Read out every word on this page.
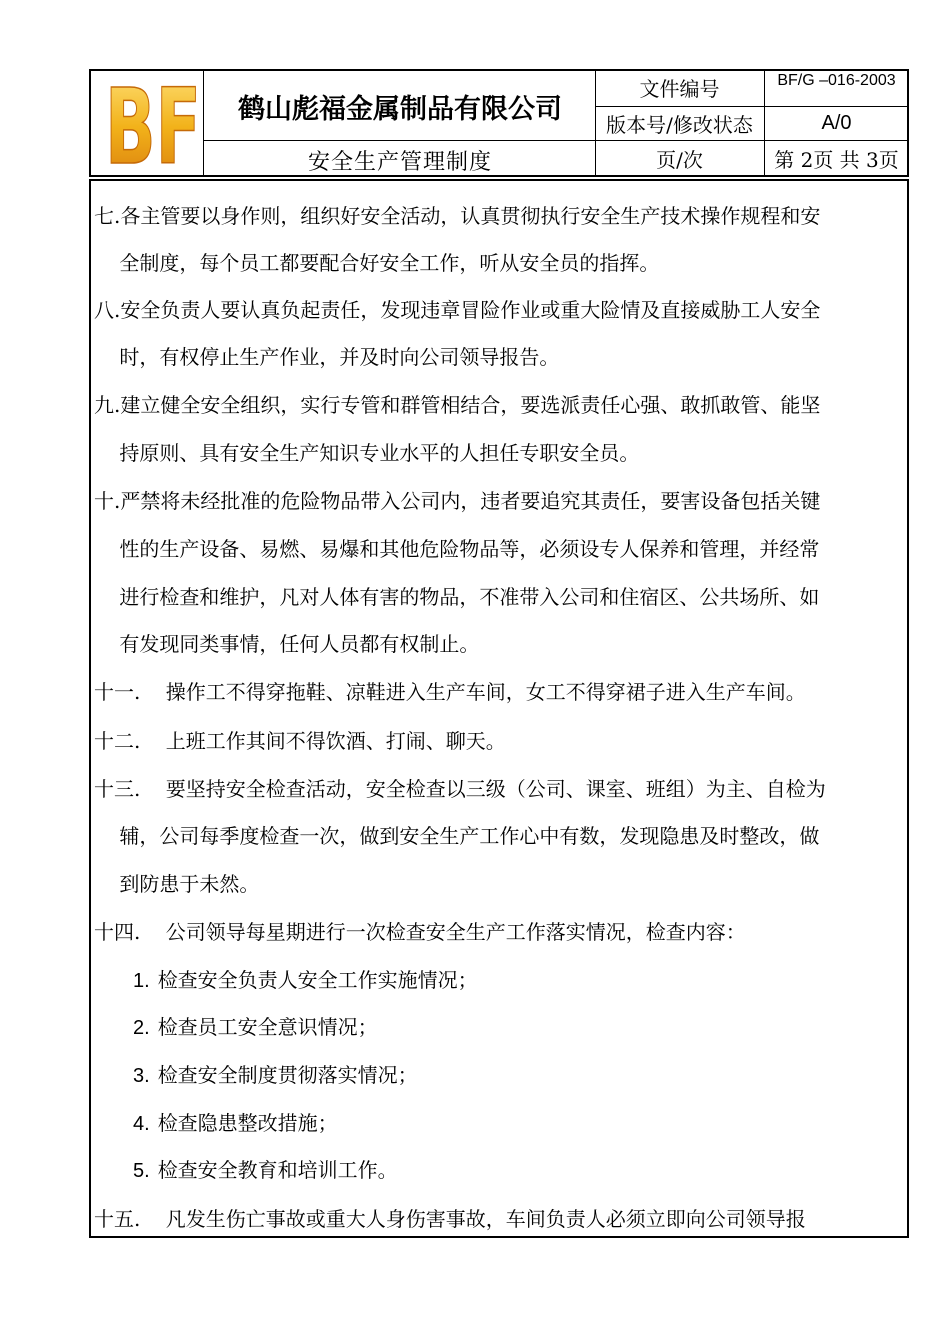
BF	鹤山彪福金属制品有限公司
安全生产管理制度
文件编号	BF/G –016-2003
版本号/修改状态	A/0
页/次	第 2页 共 3页
七.各主管要以身作则，组织好安全活动，认真贯彻执行安全生产技术操作规程和安
全制度，每个员工都要配合好安全工作，听从安全员的指挥。
八.安全负责人要认真负起责任，发现违章冒险作业或重大险情及直接威胁工人安全
时，有权停止生产作业，并及时向公司领导报告。
九.建立健全安全组织，实行专管和群管相结合，要选派责任心强、敢抓敢管、能坚
持原则、具有安全生产知识专业水平的人担任专职安全员。
十.严禁将未经批准的危险物品带入公司内，违者要追究其责任，要害设备包括关键
性的生产设备、易燃、易爆和其他危险物品等，必须设专人保养和管理，并经常
进行检查和维护，凡对人体有害的物品，不准带入公司和住宿区、公共场所、如
有发现同类事情，任何人员都有权制止。
十一.    操作工不得穿拖鞋、凉鞋进入生产车间，女工不得穿裙子进入生产车间。
十二.    上班工作其间不得饮酒、打闹、聊天。
十三.    要坚持安全检查活动，安全检查以三级（公司、课室、班组）为主、自检为
辅，公司每季度检查一次，做到安全生产工作心中有数，发现隐患及时整改，做
到防患于未然。
十四.    公司领导每星期进行一次检查安全生产工作落实情况，检查内容：
1. 检查安全负责人安全工作实施情况；
2. 检查员工安全意识情况；
3. 检查安全制度贯彻落实情况；
4. 检查隐患整改措施；
5. 检查安全教育和培训工作。
十五.    凡发生伤亡事故或重大人身伤害事故，车间负责人必须立即向公司领导报
